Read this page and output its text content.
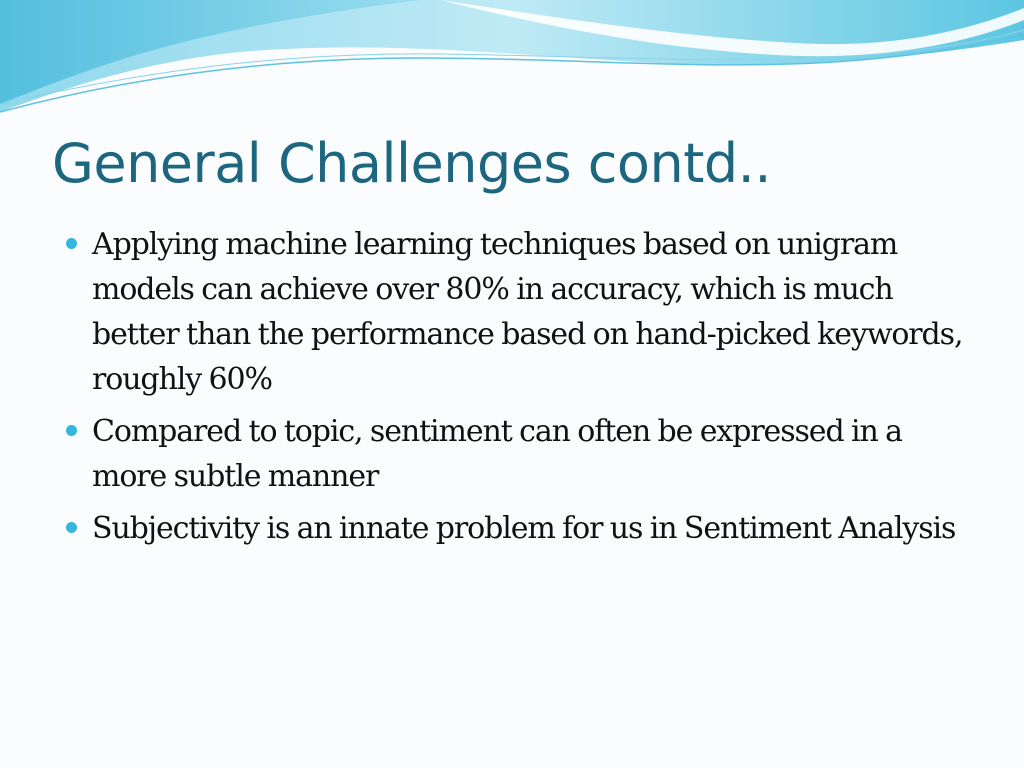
General Challenges contd..
Applying machine learning techniques based on unigram models can achieve over 80% in accuracy, which is much better than the performance based on hand-picked keywords, roughly 60%
Compared to topic, sentiment can often be expressed in a more subtle manner
Subjectivity is an innate problem for us in Sentiment Analysis
